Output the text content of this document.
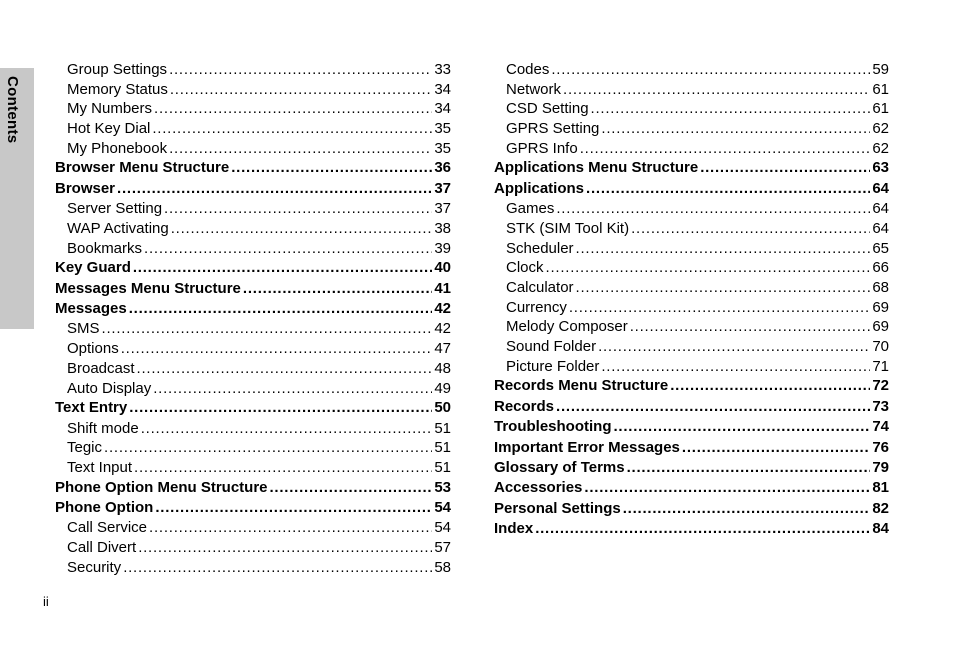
Contents
Group Settings . . .	33
Memory Status . . .	34
My Numbers . . .	34
Hot Key Dial . . .	35
My Phonebook . . .	35
Browser Menu Structure . . .	36
Browser . . .	37
Server Setting . . .	37
WAP Activating . . .	38
Bookmarks . . .	39
Key Guard . . .	40
Messages Menu Structure . . .	41
Messages . . .	42
SMS . . .	42
Options . . .	47
Broadcast . . .	48
Auto Display . . .	49
Text Entry . . .	50
Shift mode . . .	51
Tegic . . .	51
Text Input . . .	51
Phone Option Menu Structure . . .	53
Phone Option . . .	54
Call Service . . .	54
Call Divert . . .	57
Security . . .	58
Codes . . .	59
Network . . .	61
CSD Setting . . .	61
GPRS Setting . . .	62
GPRS Info . . .	62
Applications Menu Structure . . .	63
Applications . . .	64
Games . . .	64
STK (SIM Tool Kit) . . .	64
Scheduler . . .	65
Clock . . .	66
Calculator . . .	68
Currency . . .	69
Melody Composer . . .	69
Sound Folder . . .	70
Picture Folder . . .	71
Records Menu Structure . . .	72
Records . . .	73
Troubleshooting . . .	74
Important Error Messages . . .	76
Glossary of Terms . . .	79
Accessories . . .	81
Personal Settings . . .	82
Index . . .	84
ii
